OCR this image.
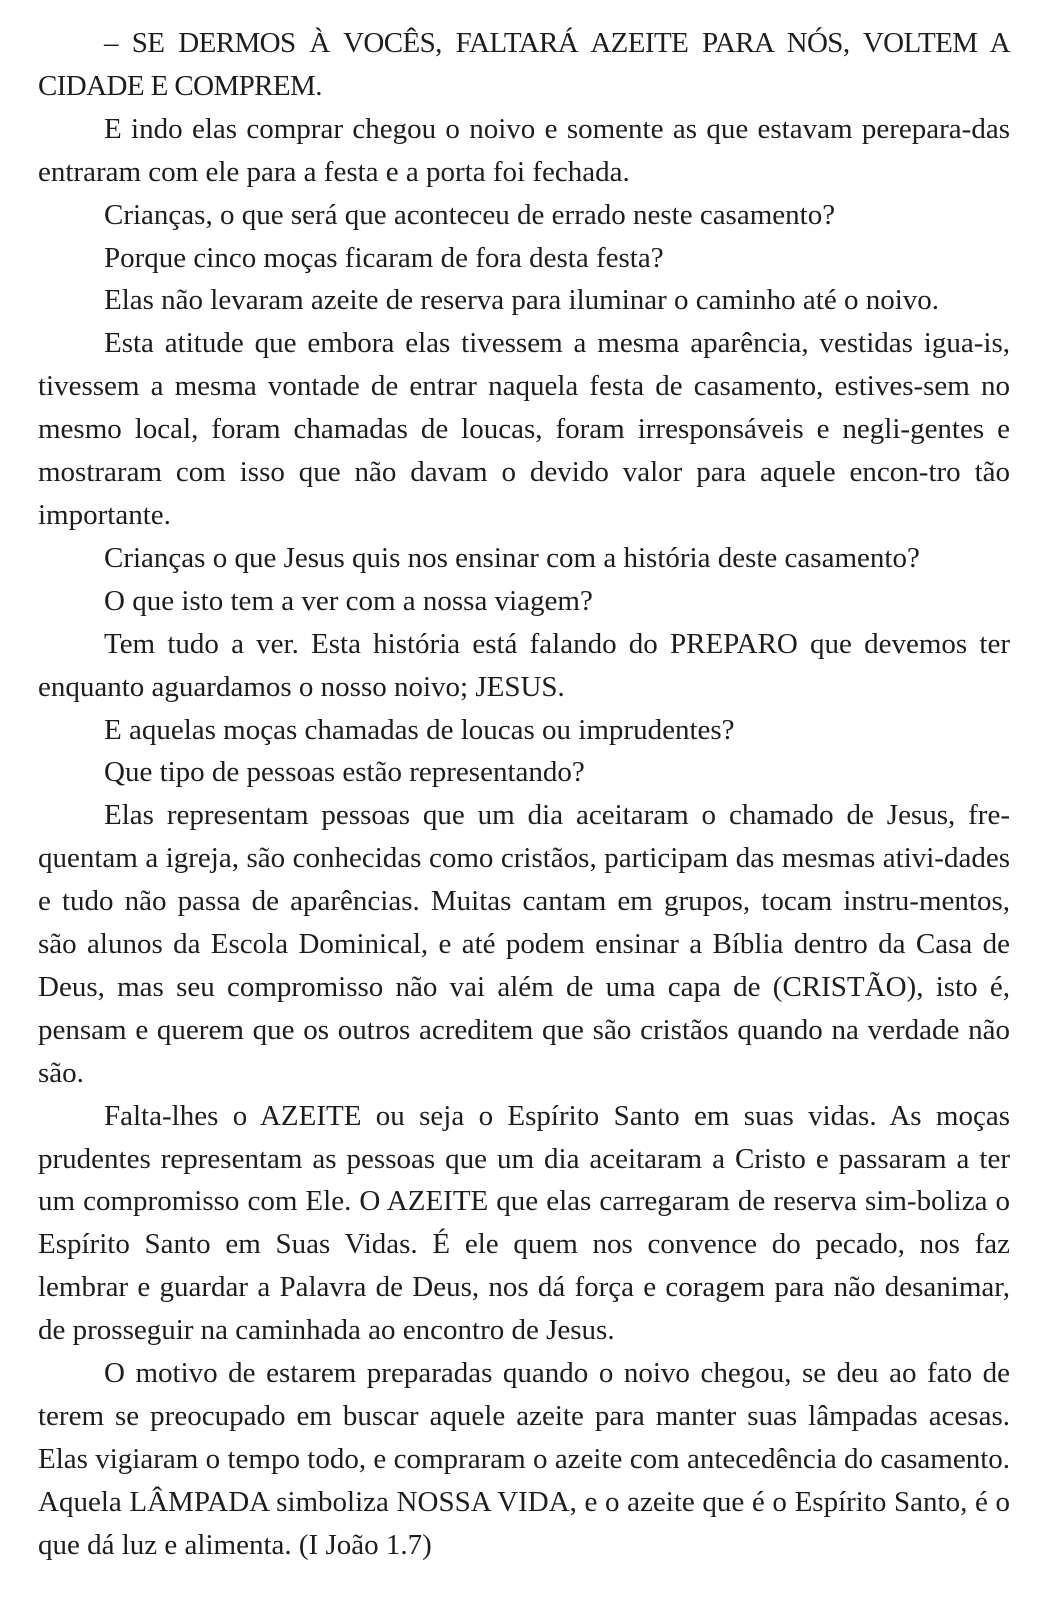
– SE DERMOS À VOCÊS, FALTARÁ AZEITE PARA NÓS, VOLTEM A CIDADE E COMPREM.

E indo elas comprar chegou o noivo e somente as que estavam perepara-das entraram com ele para a festa e a porta foi fechada.

Crianças, o que será que aconteceu de errado neste casamento?

Porque cinco moças ficaram de fora desta festa?

Elas não levaram azeite de reserva para iluminar o caminho até o noivo.

Esta atitude que embora elas tivessem a mesma aparência, vestidas igua-is, tivessem a mesma vontade de entrar naquela festa de casamento, estives-sem no mesmo local, foram chamadas de loucas, foram irresponsáveis e negli-gentes e mostraram com isso que não davam o devido valor para aquele encon-tro tão importante.

Crianças o que Jesus quis nos ensinar com a história deste casamento?

O que isto tem a ver com a nossa viagem?

Tem tudo a ver. Esta história está falando do PREPARO que devemos ter enquanto aguardamos o nosso noivo; JESUS.

E aquelas moças chamadas de loucas ou imprudentes?

Que tipo de pessoas estão representando?

Elas representam pessoas que um dia aceitaram o chamado de Jesus, fre-quentam a igreja, são conhecidas como cristãos, participam das mesmas ativi-dades e tudo não passa de aparências. Muitas cantam em grupos, tocam instru-mentos, são alunos da Escola Dominical, e até podem ensinar a Bíblia dentro da Casa de Deus, mas seu compromisso não vai além de uma capa de (CRISTÃO), isto é, pensam e querem que os outros acreditem que são cristãos quando na verdade não são.

Falta-lhes o AZEITE ou seja o Espírito Santo em suas vidas. As moças prudentes representam as pessoas que um dia aceitaram a Cristo e passaram a ter um compromisso com Ele. O AZEITE que elas carregaram de reserva sim-boliza o Espírito Santo em Suas Vidas. É ele quem nos convence do pecado, nos faz lembrar e guardar a Palavra de Deus, nos dá força e coragem para não desanimar, de prosseguir na caminhada ao encontro de Jesus.

O motivo de estarem preparadas quando o noivo chegou, se deu ao fato de terem se preocupado em buscar aquele azeite para manter suas lâmpadas acesas. Elas vigiaram o tempo todo, e compraram o azeite com antecedência do casamento. Aquela LÂMPADA simboliza NOSSA VIDA, e o azeite que é o Espírito Santo, é o que dá luz e alimenta. (I João 1.7)
